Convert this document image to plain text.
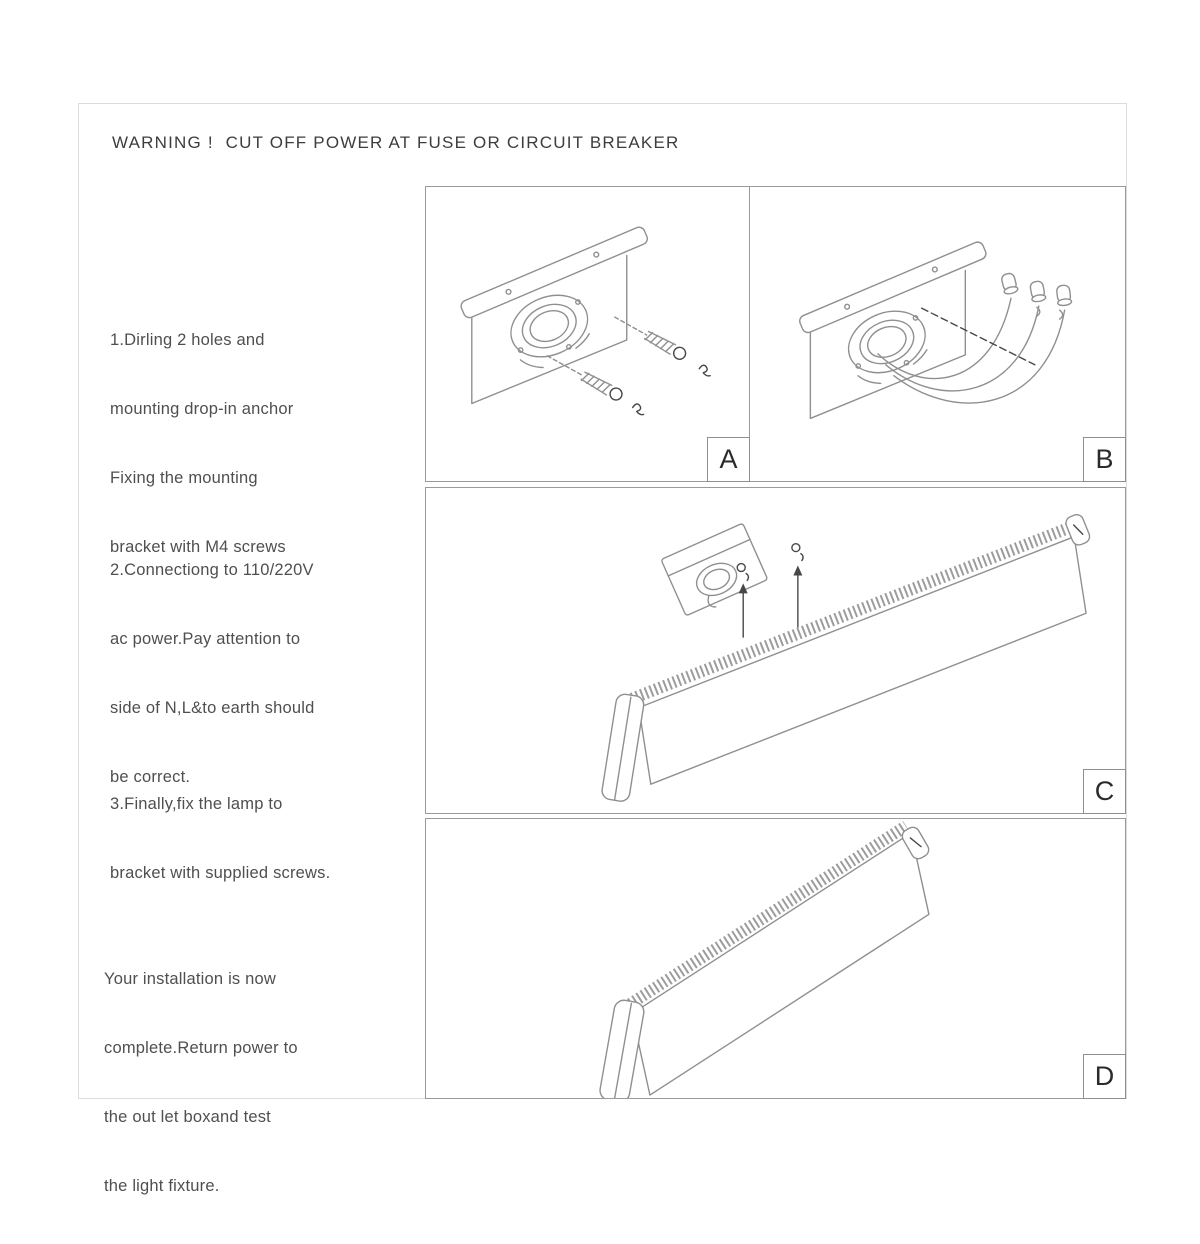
WARNING !  CUT OFF POWER AT FUSE OR CIRCUIT BREAKER

1.Dirling 2 holes and

mounting drop-in anchor

Fixing the mounting

bracket with M4 screws

2.Connectiong to 110/220V

ac power.Pay attention to

side of N,L&to earth should

be correct.

3.Finally,fix the lamp to

bracket with supplied screws.

Your installation is now

complete.Return power to

the out let boxand test

the light fixture.

A	B
C
D
